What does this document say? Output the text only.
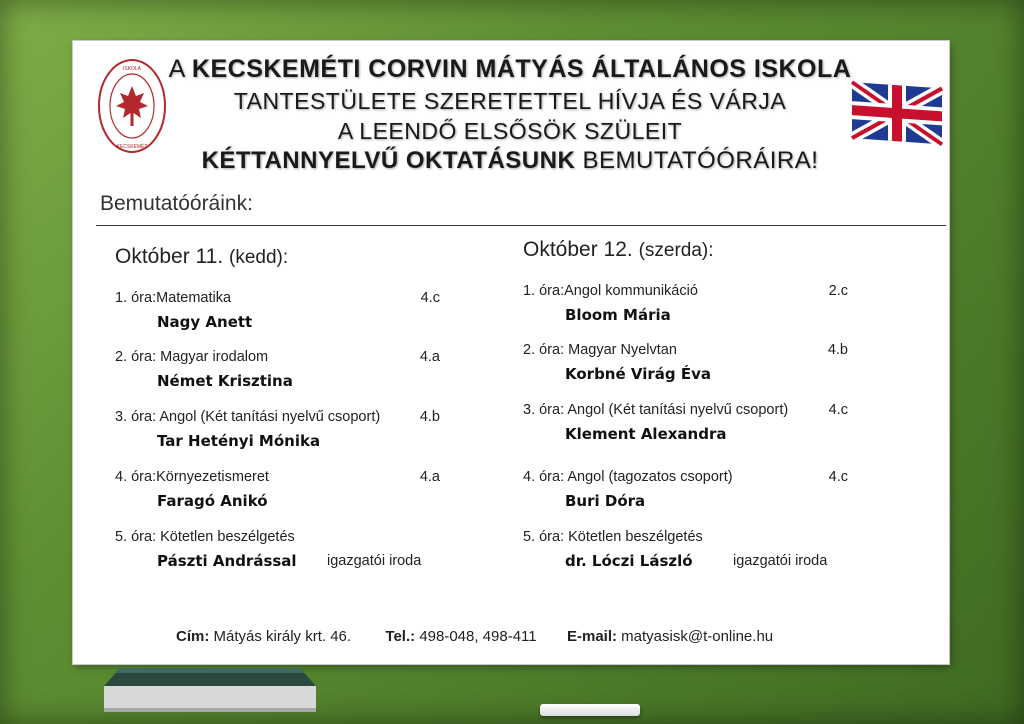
ISKOLA
KECSKEMÉT
A KECSKEMÉTI CORVIN MÁTYÁS ÁLTALÁNOS ISKOLA
TANTESTÜLETE SZERETETTEL HÍVJA ÉS VÁRJA
A LEENDŐ ELSŐSÖK SZÜLEIT
KÉTTANNYELVŰ OKTATÁSUNK BEMUTATÓÓRÁIRA!
Bemutatóóráink:
Október 11. (kedd):
1. óra:Matematika	4.c
Nagy Anett
2. óra: Magyar irodalom	4.a
Német Krisztina
3. óra: Angol (Két tanítási nyelvű csoport)	4.b
Tar Hetényi Mónika
4. óra:Környezetismeret	4.a
Faragó Anikó
5. óra: Kötetlen beszélgetés
Pászti Andrással igazgatói iroda
Október 12. (szerda):
1. óra:Angol kommunikáció	2.c
Bloom Mária
2. óra: Magyar Nyelvtan	4.b
Korbné Virág Éva
3. óra: Angol (Két tanítási nyelvű csoport)	4.c
Klement Alexandra
4. óra: Angol (tagozatos csoport)	4.c
Buri Dóra
5. óra: Kötetlen beszélgetés
dr. Lóczi László	igazgatói iroda
Cím: Mátyás király krt. 46. Tel.: 498-048, 498-411 E-mail: matyasisk@t-online.hu
